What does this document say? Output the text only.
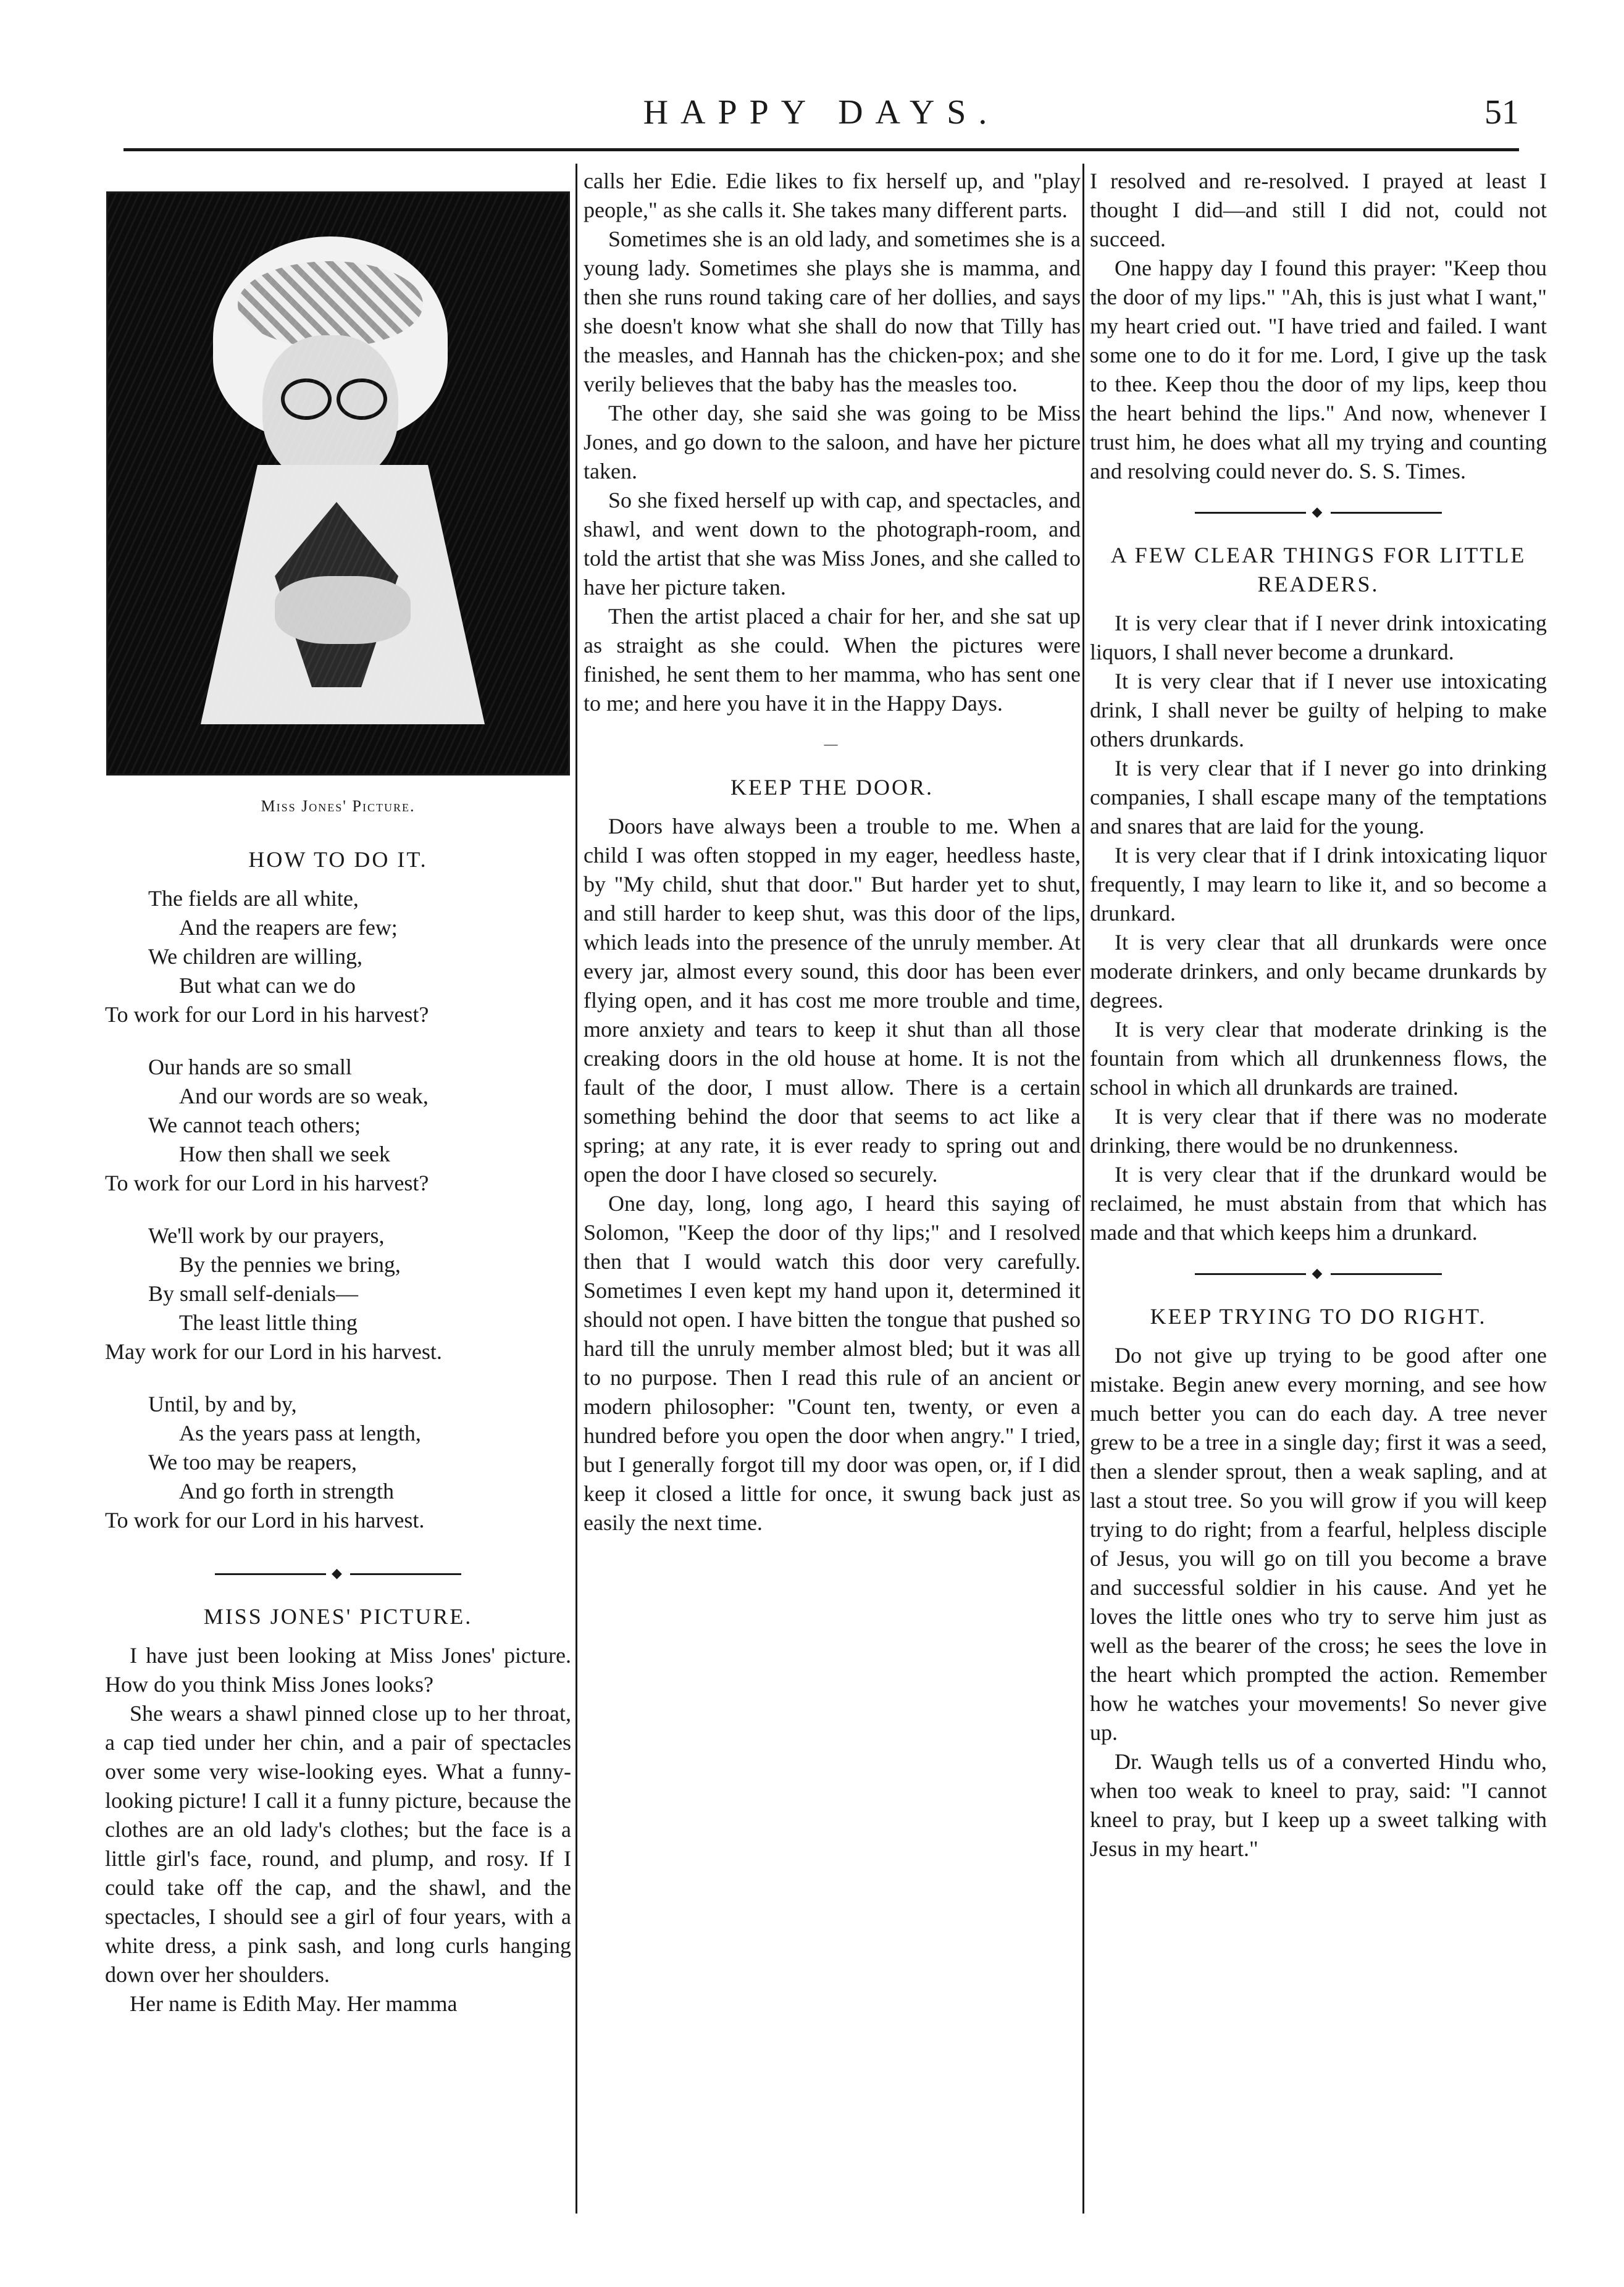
HAPPY DAYS.	51
Miss Jones' Picture.
HOW TO DO IT.
The fields are all white,
And the reapers are few;
We children are willing,
But what can we do
To work for our Lord in his harvest?
Our hands are so small
And our words are so weak,
We cannot teach others;
How then shall we seek
To work for our Lord in his harvest?
We'll work by our prayers,
By the pennies we bring,
By small self-denials—
The least little thing
May work for our Lord in his harvest.
Until, by and by,
As the years pass at length,
We too may be reapers,
And go forth in strength
To work for our Lord in his harvest.
◆
MISS JONES' PICTURE.

I have just been looking at Miss Jones' picture. How do you think Miss Jones looks?

She wears a shawl pinned close up to her throat, a cap tied under her chin, and a pair of spectacles over some very wise-looking eyes. What a funny-looking picture! I call it a funny picture, because the clothes are an old lady's clothes; but the face is a little girl's face, round, and plump, and rosy. If I could take off the cap, and the shawl, and the spectacles, I should see a girl of four years, with a white dress, a pink sash, and long curls hanging down over her shoulders.

Her name is Edith May. Her mamma

calls her Edie. Edie likes to fix herself up, and "play people," as she calls it. She takes many different parts.

Sometimes she is an old lady, and sometimes she is a young lady. Sometimes she plays she is mamma, and then she runs round taking care of her dollies, and says she doesn't know what she shall do now that Tilly has the measles, and Hannah has the chicken-pox; and she verily believes that the baby has the measles too.

The other day, she said she was going to be Miss Jones, and go down to the saloon, and have her picture taken.

So she fixed herself up with cap, and spectacles, and shawl, and went down to the photograph-room, and told the artist that she was Miss Jones, and she called to have her picture taken.

Then the artist placed a chair for her, and she sat up as straight as she could. When the pictures were finished, he sent them to her mamma, who has sent one to me; and here you have it in the Happy Days.

—
KEEP THE DOOR.

Doors have always been a trouble to me. When a child I was often stopped in my eager, heedless haste, by "My child, shut that door." But harder yet to shut, and still harder to keep shut, was this door of the lips, which leads into the presence of the unruly member. At every jar, almost every sound, this door has been ever flying open, and it has cost me more trouble and time, more anxiety and tears to keep it shut than all those creaking doors in the old house at home. It is not the fault of the door, I must allow. There is a certain something behind the door that seems to act like a spring; at any rate, it is ever ready to spring out and open the door I have closed so securely.

One day, long, long ago, I heard this saying of Solomon, "Keep the door of thy lips;" and I resolved then that I would watch this door very carefully. Sometimes I even kept my hand upon it, determined it should not open. I have bitten the tongue that pushed so hard till the unruly member almost bled; but it was all to no purpose. Then I read this rule of an ancient or modern philosopher: "Count ten, twenty, or even a hundred before you open the door when angry." I tried, but I generally forgot till my door was open, or, if I did keep it closed a little for once, it swung back just as easily the next time.

I resolved and re-resolved. I prayed at least I thought I did—and still I did not, could not succeed.

One happy day I found this prayer: "Keep thou the door of my lips." "Ah, this is just what I want," my heart cried out. "I have tried and failed. I want some one to do it for me. Lord, I give up the task to thee. Keep thou the door of my lips, keep thou the heart behind the lips." And now, whenever I trust him, he does what all my trying and counting and resolving could never do. S. S. Times.

◆
A FEW CLEAR THINGS FOR LITTLE READERS.

It is very clear that if I never drink intoxicating liquors, I shall never become a drunkard.

It is very clear that if I never use intoxicating drink, I shall never be guilty of helping to make others drunkards.

It is very clear that if I never go into drinking companies, I shall escape many of the temptations and snares that are laid for the young.

It is very clear that if I drink intoxicating liquor frequently, I may learn to like it, and so become a drunkard.

It is very clear that all drunkards were once moderate drinkers, and only became drunkards by degrees.

It is very clear that moderate drinking is the fountain from which all drunkenness flows, the school in which all drunkards are trained.

It is very clear that if there was no moderate drinking, there would be no drunkenness.

It is very clear that if the drunkard would be reclaimed, he must abstain from that which has made and that which keeps him a drunkard.

◆
KEEP TRYING TO DO RIGHT.

Do not give up trying to be good after one mistake. Begin anew every morning, and see how much better you can do each day. A tree never grew to be a tree in a single day; first it was a seed, then a slender sprout, then a weak sapling, and at last a stout tree. So you will grow if you will keep trying to do right; from a fearful, helpless disciple of Jesus, you will go on till you become a brave and successful soldier in his cause. And yet he loves the little ones who try to serve him just as well as the bearer of the cross; he sees the love in the heart which prompted the action. Remember how he watches your movements! So never give up.

Dr. Waugh tells us of a converted Hindu who, when too weak to kneel to pray, said: "I cannot kneel to pray, but I keep up a sweet talking with Jesus in my heart."
